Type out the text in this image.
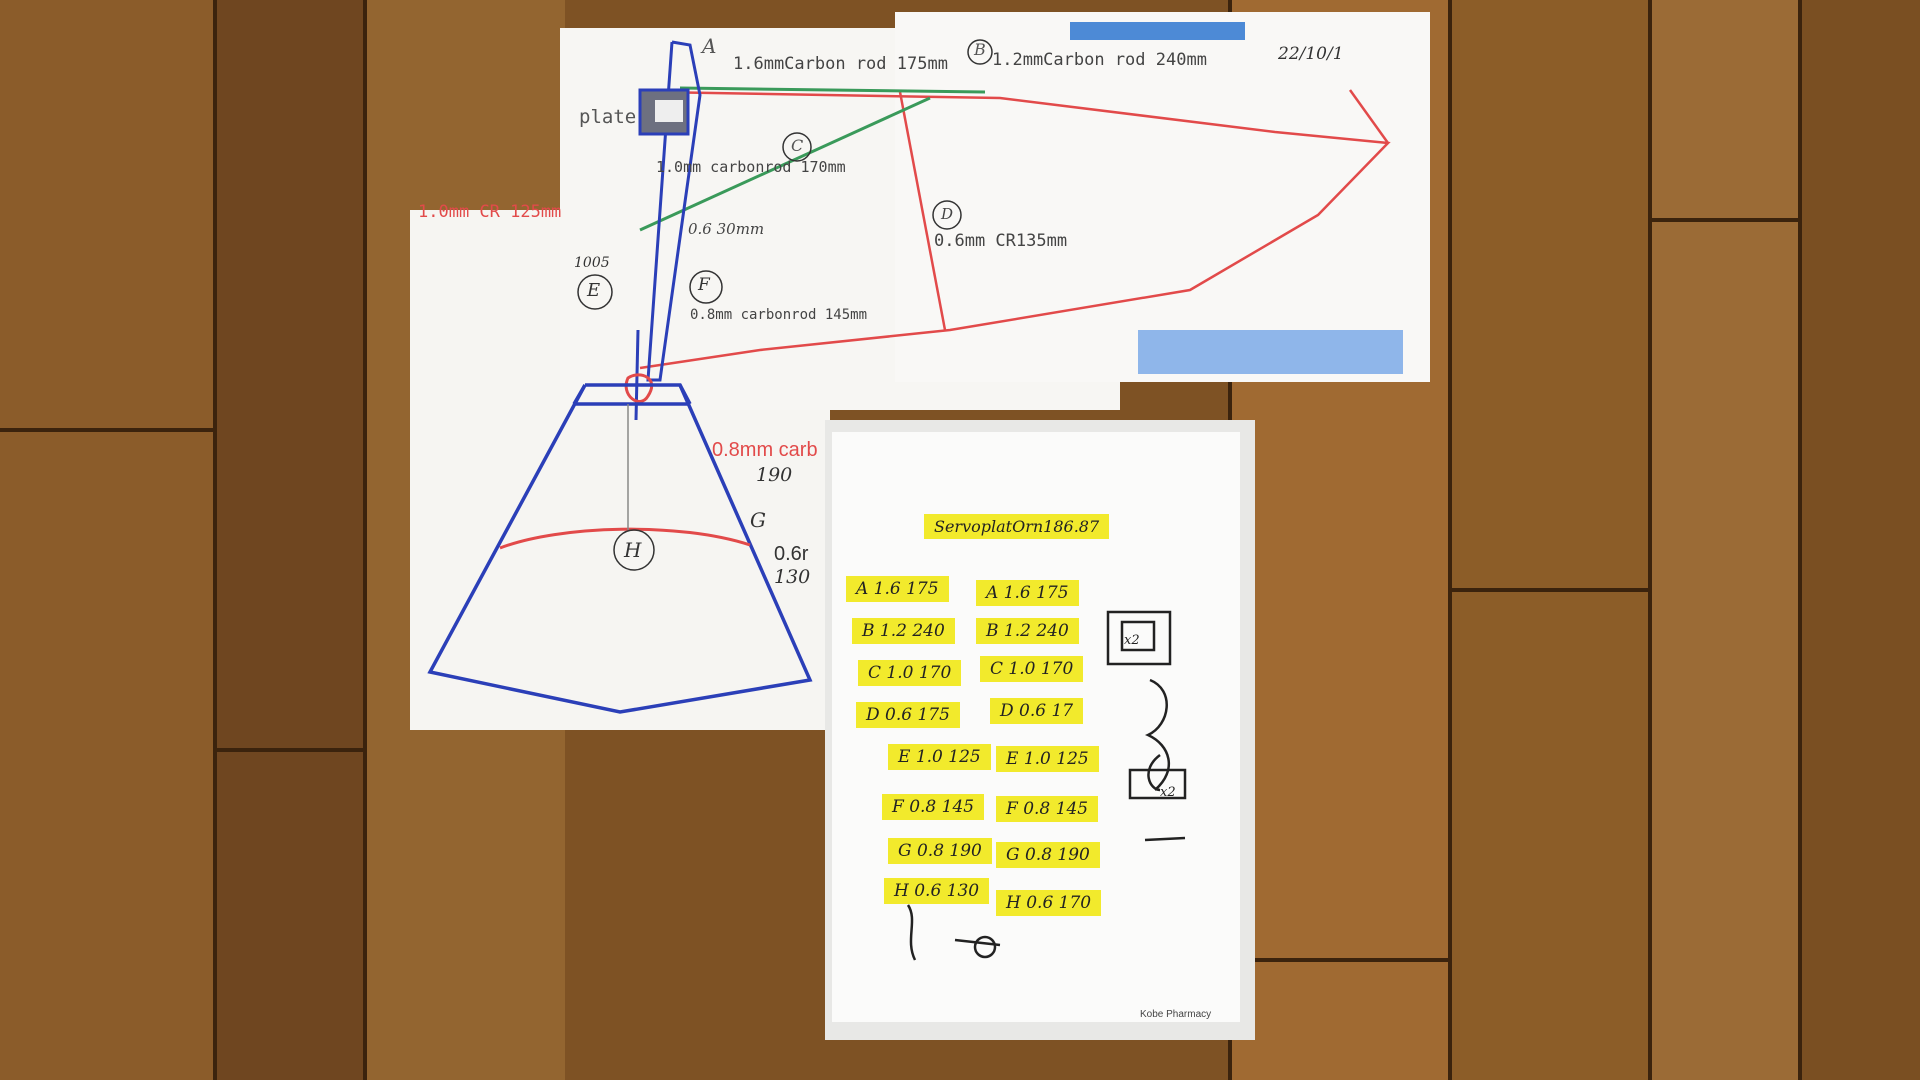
A
1.6mmCarbon rod 175mm
B
1.2mmCarbon rod 240mm	22/10/1
plate
C
1.0mm carbonrod 170mm
D
0.6mm CR135mm
0.6 30mm
1005
E	F
0.8mm carbonrod 145mm
1.0mm CR 125mm
0.8mm carb
190
G
H	0.6r
130
ServoplatOrn186.87
A 1.6 175
B 1.2 240
C 1.0 170
D 0.6 175
E 1.0 125
F 0.8 145
G 0.8 190
H 0.6 130
A 1.6 175
B 1.2 240
C 1.0 170
D 0.6 17
E 1.0 125
F 0.8 145
G 0.8 190
H 0.6 170
x2
x2
Kobe Pharmacy
